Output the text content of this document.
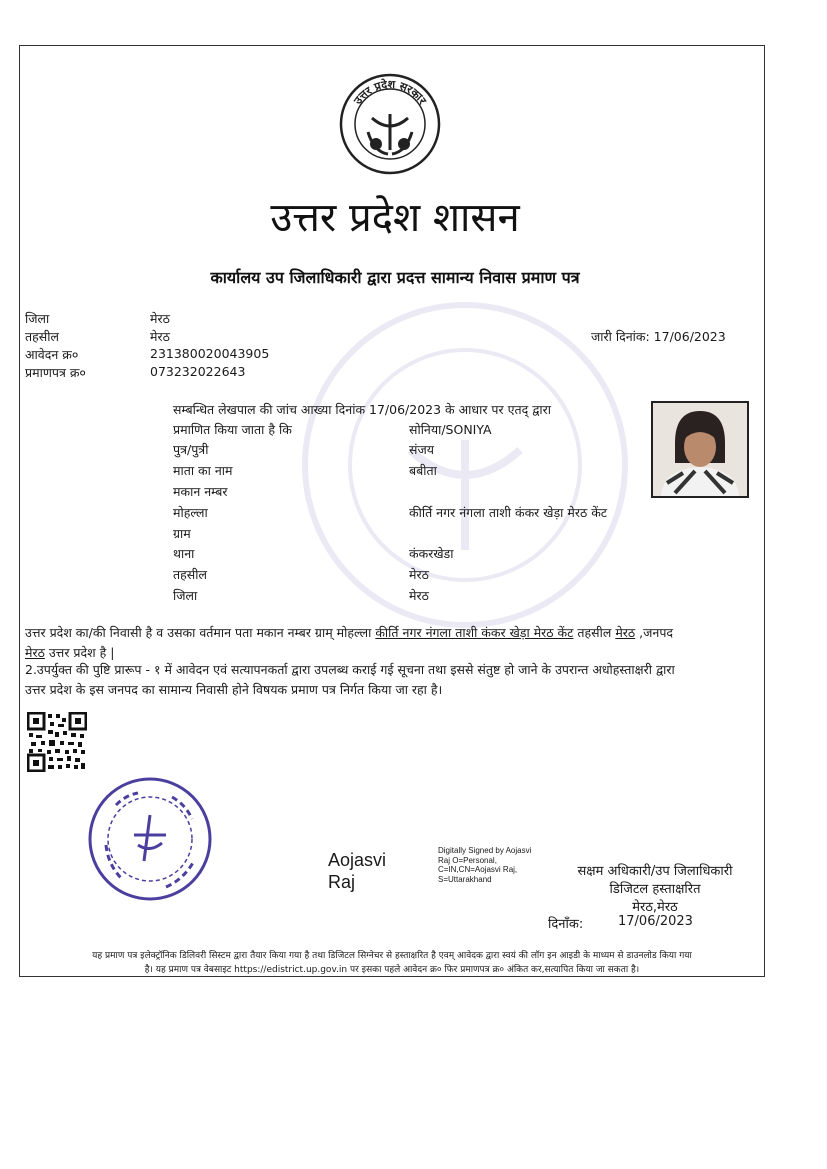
उत्तर प्रदेश सरकार
उत्तर प्रदेश शासन
कार्यालय उप जिलाधिकारी द्वारा प्रदत्त सामान्य निवास प्रमाण पत्र
जिला	मेरठ
तहसील	मेरठ
आवेदन क्र०	231380020043905
प्रमाणपत्र क्र०	073232022643
जारी दिनांक: 17/06/2023
सम्बन्धित लेखपाल की जांच आख्या दिनांक 17/06/2023 के आधार पर एतद् द्वारा
प्रमाणित किया जाता है कि	सोनिया/SONIYA
पुत्र/पुत्री	संजय
माता का नाम	बबीता
मकान नम्बर
मोहल्ला	कीर्ति नगर नंगला ताशी कंकर खेड़ा मेरठ केंट
ग्राम
थाना	कंकरखेडा
तहसील	मेरठ
जिला	मेरठ
उत्तर प्रदेश का/की निवासी है व उसका वर्तमान पता मकान नम्बर ग्राम् मोहल्ला कीर्ति नगर नंगला ताशी कंकर खेड़ा मेरठ केंट तहसील मेरठ ,जनपद
मेरठ उत्तर प्रदेश है |
2.उपर्युक्त की पुष्टि प्रारूप - १ में आवेदन एवं सत्यापनकर्ता द्वारा उपलब्ध कराई गई सूचना तथा इससे संतुष्ट हो जाने के उपरान्त अधोहस्ताक्षरी द्वारा
उत्तर प्रदेश के इस जनपद का सामान्य निवासी होने विषयक प्रमाण पत्र निर्गत किया जा रहा है।
Aojasvi
Raj
Digitally Signed by Aojasvi
Raj O=Personal,
C=IN,CN=Aojasvi Raj,
S=Uttarakhand	सक्षम अधिकारी/उप जिलाधिकारी
डिजिटल हस्ताक्षरित
मेरठ,मेरठ
दिनाँक:	17/06/2023
यह प्रमाण पत्र इलेक्ट्रॉनिक डिलिवरी सिस्टम द्वारा तैयार किया गया है तथा डिजिटल सिग्नेचर से हस्ताक्षरित है एवम् आवेदक द्वारा स्वयं की लॉग इन आइडी के माध्यम से डाउनलोड किया गया
है। यह प्रमाण पत्र वेबसाइट https://edistrict.up.gov.in पर इसका पहले आवेदन क्र० फिर प्रमाणपत्र क्र० अंकित कर,सत्यापित किया जा सकता है।
